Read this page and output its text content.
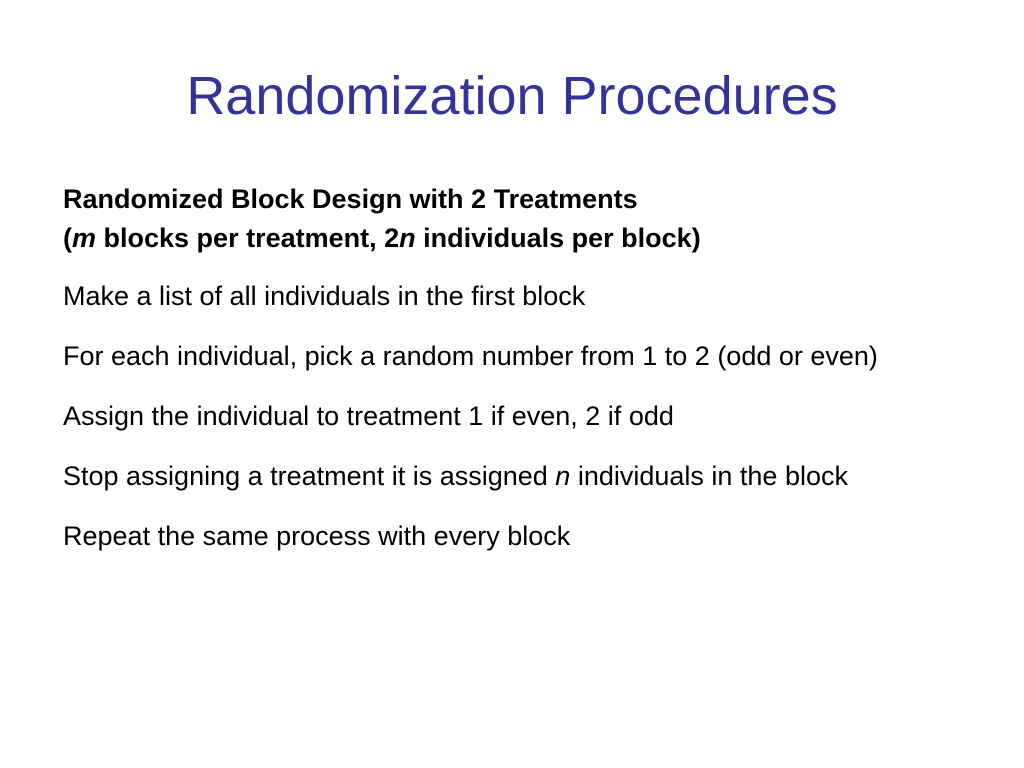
Randomization Procedures
Randomized Block Design with 2 Treatments
(m blocks per treatment, 2n individuals per block)
Make a list of all individuals in the first block
For each individual, pick a random number from 1 to 2 (odd or even)
Assign the individual to treatment 1 if even, 2 if odd
Stop assigning a treatment it is assigned n individuals in the block
Repeat the same process with every block
